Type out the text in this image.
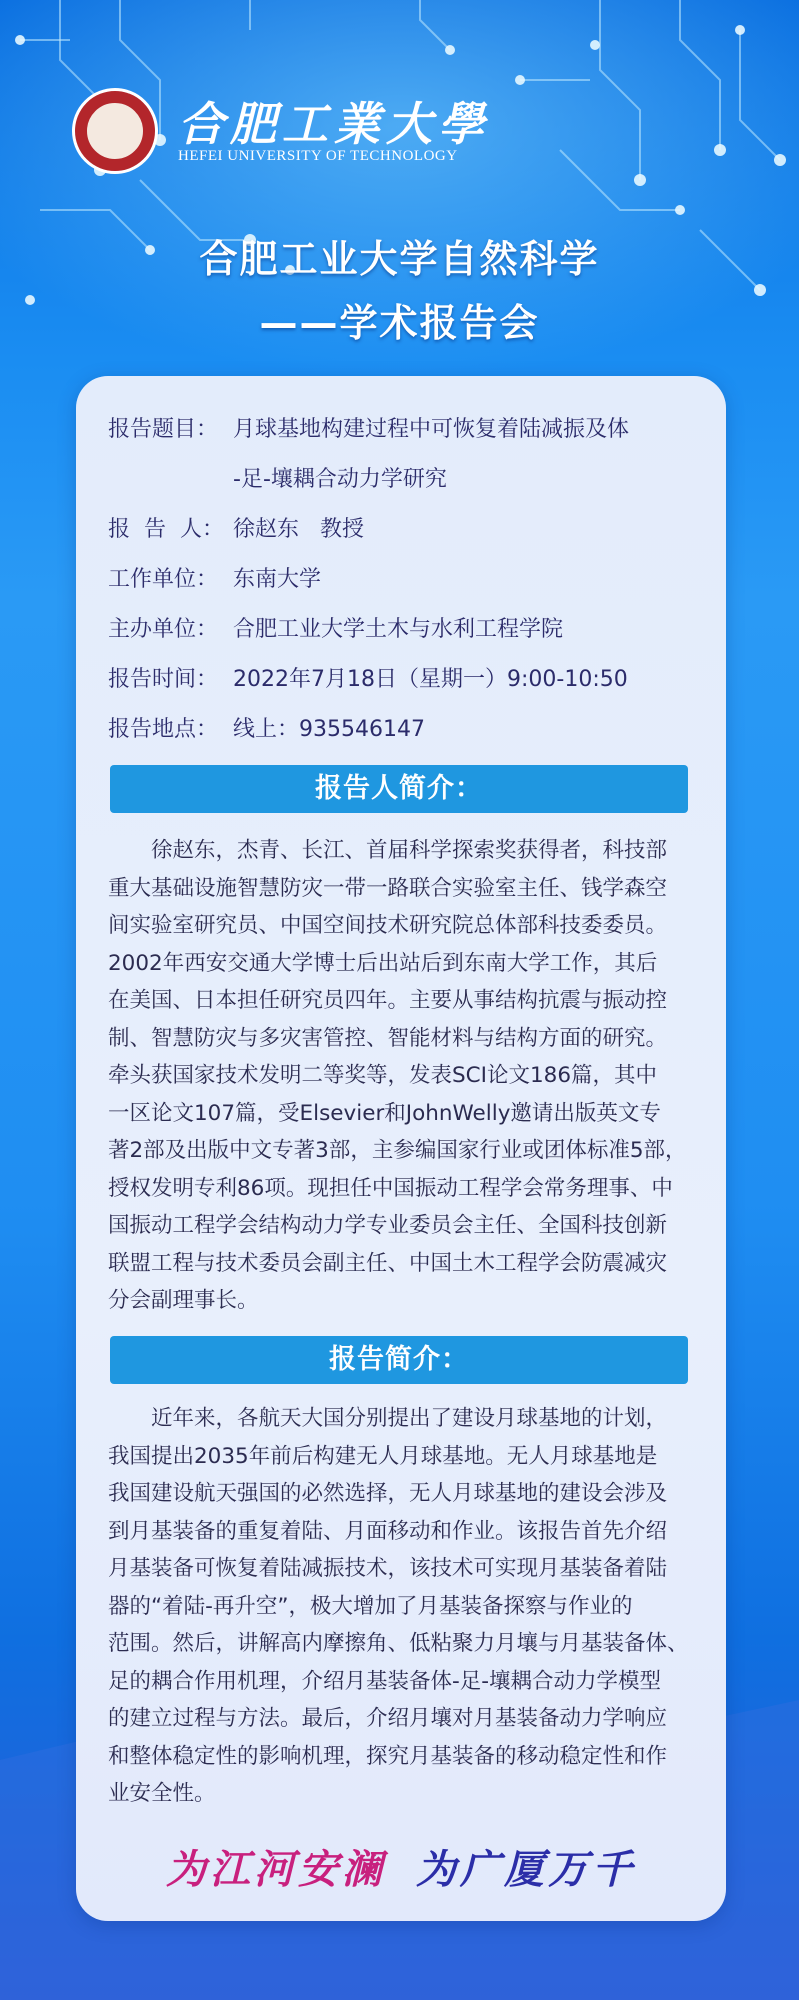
合肥工業大學
HEFEI UNIVERSITY OF TECHNOLOGY
合肥工业大学自然科学
——学术报告会
报告题目： 月球基地构建过程中可恢复着陆减振及体
-足-壤耦合动力学研究
报  告  人： 徐赵东   教授
工作单位： 东南大学
主办单位： 合肥工业大学土木与水利工程学院
报告时间： 2022年7月18日（星期一）9:00-10:50
报告地点： 线上：935546147
报告人简介：
　　徐赵东，杰青、长江、首届科学探索奖获得者，科技部
重大基础设施智慧防灾一带一路联合实验室主任、钱学森空
间实验室研究员、中国空间技术研究院总体部科技委委员。
2002年西安交通大学博士后出站后到东南大学工作，其后
在美国、日本担任研究员四年。主要从事结构抗震与振动控
制、智慧防灾与多灾害管控、智能材料与结构方面的研究。
牵头获国家技术发明二等奖等，发表SCI论文186篇，其中
一区论文107篇，受Elsevier和JohnWelly邀请出版英文专
著2部及出版中文专著3部，主参编国家行业或团体标准5部，
授权发明专利86项。现担任中国振动工程学会常务理事、中
国振动工程学会结构动力学专业委员会主任、全国科技创新
联盟工程与技术委员会副主任、中国土木工程学会防震减灾
分会副理事长。
报告简介：
　　近年来，各航天大国分别提出了建设月球基地的计划，
我国提出2035年前后构建无人月球基地。无人月球基地是
我国建设航天强国的必然选择，无人月球基地的建设会涉及
到月基装备的重复着陆、月面移动和作业。该报告首先介绍
月基装备可恢复着陆减振技术，该技术可实现月基装备着陆
器的“着陆-再升空”，极大增加了月基装备探察与作业的
范围。然后，讲解高内摩擦角、低粘聚力月壤与月基装备体、
足的耦合作用机理，介绍月基装备体-足-壤耦合动力学模型
的建立过程与方法。最后，介绍月壤对月基装备动力学响应
和整体稳定性的影响机理，探究月基装备的移动稳定性和作
业安全性。
为江河安澜 为广厦万千
